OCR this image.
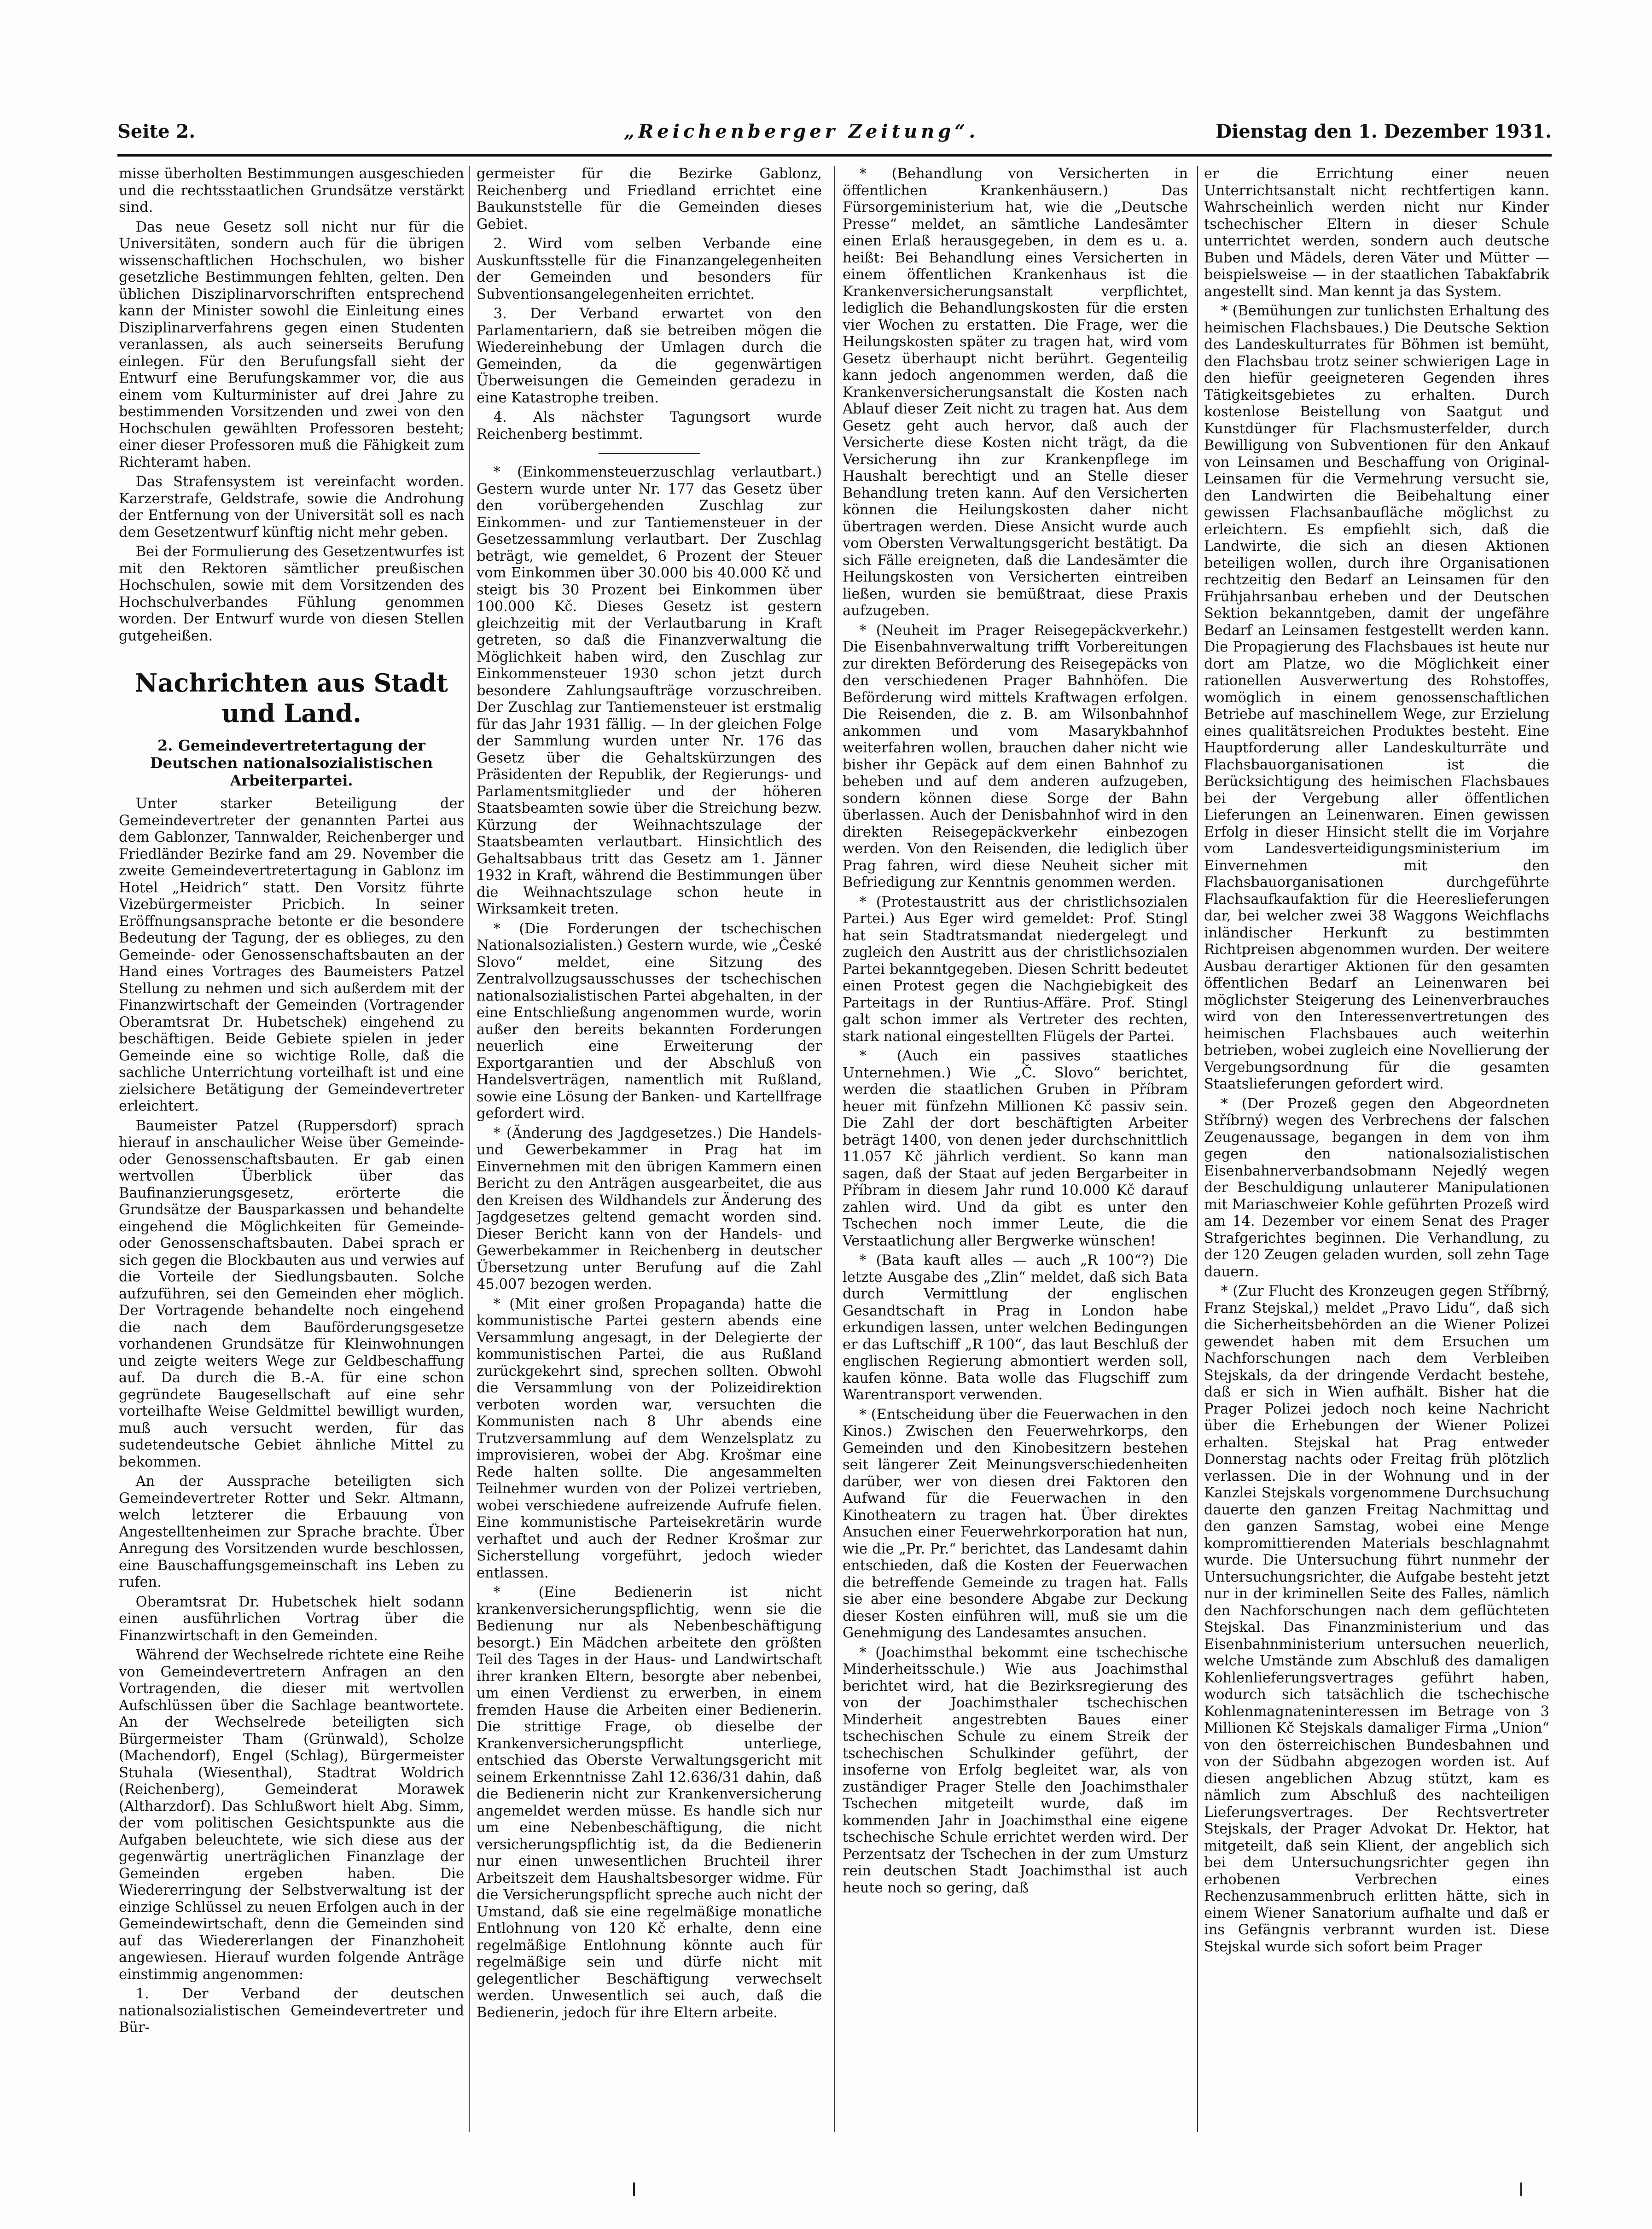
Seite 2.	„Reichenberger Zeitung“.	Dienstag den 1. Dezember 1931.

misse überholten Bestimmungen ausgeschieden und die rechtsstaatlichen Grundsätze verstärkt sind.

Das neue Gesetz soll nicht nur für die Universitäten, sondern auch für die übrigen wissenschaftlichen Hochschulen, wo bisher gesetzliche Bestimmungen fehlten, gelten. Den üblichen Disziplinarvorschriften entsprechend kann der Minister sowohl die Einleitung eines Disziplinarverfahrens gegen einen Studenten veranlassen, als auch seinerseits Berufung einlegen. Für den Berufungsfall sieht der Entwurf eine Berufungskammer vor, die aus einem vom Kulturminister auf drei Jahre zu bestimmenden Vorsitzenden und zwei von den Hochschulen gewählten Professoren besteht; einer dieser Professoren muß die Fähigkeit zum Richteramt haben.

Das Strafensystem ist vereinfacht worden. Karzerstrafe, Geldstrafe, sowie die Androhung der Entfernung von der Universität soll es nach dem Gesetzentwurf künftig nicht mehr geben.

Bei der Formulierung des Gesetzentwurfes ist mit den Rektoren sämtlicher preußischen Hochschulen, sowie mit dem Vorsitzenden des Hochschulverbandes Fühlung genommen worden. Der Entwurf wurde von diesen Stellen gutgeheißen.

Nachrichten aus Stadt und Land.
2. Gemeindevertretertagung der Deutschen nationalsozialistischen Arbeiterpartei.

Unter starker Beteiligung der Gemeindevertreter der genannten Partei aus dem Gablonzer, Tannwalder, Reichenberger und Friedländer Bezirke fand am 29. November die zweite Gemeindevertretertagung in Gablonz im Hotel „Heidrich“ statt. Den Vorsitz führte Vizebürgermeister Pricbich. In seiner Eröffnungsansprache betonte er die besondere Bedeutung der Tagung, der es oblieges, zu den Gemeinde- oder Genossenschaftsbauten an der Hand eines Vortrages des Baumeisters Patzel Stellung zu nehmen und sich außerdem mit der Finanzwirtschaft der Gemeinden (Vortragender Oberamtsrat Dr. Hubetschek) eingehend zu beschäftigen. Beide Gebiete spielen in jeder Gemeinde eine so wichtige Rolle, daß die sachliche Unterrichtung vorteilhaft ist und eine zielsichere Betätigung der Gemeindevertreter erleichtert.

Baumeister Patzel (Ruppersdorf) sprach hierauf in anschaulicher Weise über Gemeinde- oder Genossenschaftsbauten. Er gab einen wertvollen Überblick über das Baufinanzierungsgesetz, erörterte die Grundsätze der Bausparkassen und behandelte eingehend die Möglichkeiten für Gemeinde- oder Genossenschaftsbauten. Dabei sprach er sich gegen die Blockbauten aus und verwies auf die Vorteile der Siedlungsbauten. Solche aufzuführen, sei den Gemeinden eher möglich. Der Vortragende behandelte noch eingehend die nach dem Bauförderungsgesetze vorhandenen Grundsätze für Kleinwohnungen und zeigte weiters Wege zur Geldbeschaffung auf. Da durch die B.-A. für eine schon gegründete Baugesellschaft auf eine sehr vorteilhafte Weise Geldmittel bewilligt wurden, muß auch versucht werden, für das sudetendeutsche Gebiet ähnliche Mittel zu bekommen.

An der Aussprache beteiligten sich Gemeindevertreter Rotter und Sekr. Altmann, welch letzterer die Erbauung von Angestelltenheimen zur Sprache brachte. Über Anregung des Vorsitzenden wurde beschlossen, eine Bauschaffungsgemeinschaft ins Leben zu rufen.

Oberamtsrat Dr. Hubetschek hielt sodann einen ausführlichen Vortrag über die Finanzwirtschaft in den Gemeinden.

Während der Wechselrede richtete eine Reihe von Gemeindevertretern Anfragen an den Vortragenden, die dieser mit wertvollen Aufschlüssen über die Sachlage beantwortete. An der Wechselrede beteiligten sich Bürgermeister Tham (Grünwald), Scholze (Machendorf), Engel (Schlag), Bürgermeister Stuhala (Wiesenthal), Stadtrat Woldrich (Reichenberg), Gemeinderat Morawek (Altharzdorf). Das Schlußwort hielt Abg. Simm, der vom politischen Gesichtspunkte aus die Aufgaben beleuchtete, wie sich diese aus der gegenwärtig unerträglichen Finanzlage der Gemeinden ergeben haben. Die Wiedererringung der Selbstverwaltung ist der einzige Schlüssel zu neuen Erfolgen auch in der Gemeindewirtschaft, denn die Gemeinden sind auf das Wiedererlangen der Finanzhoheit angewiesen. Hierauf wurden folgende Anträge einstimmig angenommen:

1. Der Verband der deutschen nationalsozialistischen Gemeindevertreter und Bür-

germeister für die Bezirke Gablonz, Reichenberg und Friedland errichtet eine Baukunststelle für die Gemeinden dieses Gebiet.

2. Wird vom selben Verbande eine Auskunftsstelle für die Finanzangelegenheiten der Gemeinden und besonders für Subventionsangelegenheiten errichtet.

3. Der Verband erwartet von den Parlamentariern, daß sie betreiben mögen die Wiedereinhebung der Umlagen durch die Gemeinden, da die gegenwärtigen Überweisungen die Gemeinden geradezu in eine Katastrophe treiben.

4. Als nächster Tagungsort wurde Reichenberg bestimmt.

* (Einkommensteuerzuschlag verlautbart.) Gestern wurde unter Nr. 177 das Gesetz über den vorübergehenden Zuschlag zur Einkommen- und zur Tantiemensteuer in der Gesetzessammlung verlautbart. Der Zuschlag beträgt, wie gemeldet, 6 Prozent der Steuer vom Einkommen über 30.000 bis 40.000 Kč und steigt bis 30 Prozent bei Einkommen über 100.000 Kč. Dieses Gesetz ist gestern gleichzeitig mit der Verlautbarung in Kraft getreten, so daß die Finanzverwaltung die Möglichkeit haben wird, den Zuschlag zur Einkommensteuer 1930 schon jetzt durch besondere Zahlungsaufträge vorzuschreiben. Der Zuschlag zur Tantiemensteuer ist erstmalig für das Jahr 1931 fällig. — In der gleichen Folge der Sammlung wurden unter Nr. 176 das Gesetz über die Gehaltskürzungen des Präsidenten der Republik, der Regierungs- und Parlamentsmitglieder und der höheren Staatsbeamten sowie über die Streichung bezw. Kürzung der Weihnachtszulage der Staatsbeamten verlautbart. Hinsichtlich des Gehaltsabbaus tritt das Gesetz am 1. Jänner 1932 in Kraft, während die Bestimmungen über die Weihnachtszulage schon heute in Wirksamkeit treten.

* (Die Forderungen der tschechischen Nationalsozialisten.) Gestern wurde, wie „České Slovo“ meldet, eine Sitzung des Zentralvollzugsausschusses der tschechischen nationalsozialistischen Partei abgehalten, in der eine Entschließung angenommen wurde, worin außer den bereits bekannten Forderungen neuerlich eine Erweiterung der Exportgarantien und der Abschluß von Handelsverträgen, namentlich mit Rußland, sowie eine Lösung der Banken- und Kartellfrage gefordert wird.

* (Änderung des Jagdgesetzes.) Die Handels- und Gewerbekammer in Prag hat im Einvernehmen mit den übrigen Kammern einen Bericht zu den Anträgen ausgearbeitet, die aus den Kreisen des Wildhandels zur Änderung des Jagdgesetzes geltend gemacht worden sind. Dieser Bericht kann von der Handels- und Gewerbekammer in Reichenberg in deutscher Übersetzung unter Berufung auf die Zahl 45.007 bezogen werden.

* (Mit einer großen Propaganda) hatte die kommunistische Partei gestern abends eine Versammlung angesagt, in der Delegierte der kommunistischen Partei, die aus Rußland zurückgekehrt sind, sprechen sollten. Obwohl die Versammlung von der Polizeidirektion verboten worden war, versuchten die Kommunisten nach 8 Uhr abends eine Trutzversammlung auf dem Wenzelsplatz zu improvisieren, wobei der Abg. Krošmar eine Rede halten sollte. Die angesammelten Teilnehmer wurden von der Polizei vertrieben, wobei verschiedene aufreizende Aufrufe fielen. Eine kommunistische Parteisekretärin wurde verhaftet und auch der Redner Krošmar zur Sicherstellung vorgeführt, jedoch wieder entlassen.

* (Eine Bedienerin ist nicht krankenversicherungspflichtig, wenn sie die Bedienung nur als Nebenbeschäftigung besorgt.) Ein Mädchen arbeitete den größten Teil des Tages in der Haus- und Landwirtschaft ihrer kranken Eltern, besorgte aber nebenbei, um einen Verdienst zu erwerben, in einem fremden Hause die Arbeiten einer Bedienerin. Die strittige Frage, ob dieselbe der Krankenversicherungspflicht unterliege, entschied das Oberste Verwaltungsgericht mit seinem Erkenntnisse Zahl 12.636/31 dahin, daß die Bedienerin nicht zur Krankenversicherung angemeldet werden müsse. Es handle sich nur um eine Nebenbeschäftigung, die nicht versicherungspflichtig ist, da die Bedienerin nur einen unwesentlichen Bruchteil ihrer Arbeitszeit dem Haushaltsbesorger widme. Für die Versicherungspflicht spreche auch nicht der Umstand, daß sie eine regelmäßige monatliche Entlohnung von 120 Kč erhalte, denn eine regelmäßige Entlohnung könnte auch für regelmäßige sein und dürfe nicht mit gelegentlicher Beschäftigung verwechselt werden. Unwesentlich sei auch, daß die Bedienerin, jedoch für ihre Eltern arbeite.

* (Behandlung von Versicherten in öffentlichen Krankenhäusern.) Das Fürsorgeministerium hat, wie die „Deutsche Presse“ meldet, an sämtliche Landesämter einen Erlaß herausgegeben, in dem es u. a. heißt: Bei Behandlung eines Versicherten in einem öffentlichen Krankenhaus ist die Krankenversicherungsanstalt verpflichtet, lediglich die Behandlungskosten für die ersten vier Wochen zu erstatten. Die Frage, wer die Heilungskosten später zu tragen hat, wird vom Gesetz überhaupt nicht berührt. Gegenteilig kann jedoch angenommen werden, daß die Krankenversicherungsanstalt die Kosten nach Ablauf dieser Zeit nicht zu tragen hat. Aus dem Gesetz geht auch hervor, daß auch der Versicherte diese Kosten nicht trägt, da die Versicherung ihn zur Krankenpflege im Haushalt berechtigt und an Stelle dieser Behandlung treten kann. Auf den Versicherten können die Heilungskosten daher nicht übertragen werden. Diese Ansicht wurde auch vom Obersten Verwaltungsgericht bestätigt. Da sich Fälle ereigneten, daß die Landesämter die Heilungskosten von Versicherten eintreiben ließen, wurden sie bemüßtraat, diese Praxis aufzugeben.

* (Neuheit im Prager Reisegepäckverkehr.) Die Eisenbahnverwaltung trifft Vorbereitungen zur direkten Beförderung des Reisegepäcks von den verschiedenen Prager Bahnhöfen. Die Beförderung wird mittels Kraftwagen erfolgen. Die Reisenden, die z. B. am Wilsonbahnhof ankommen und vom Masarykbahnhof weiterfahren wollen, brauchen daher nicht wie bisher ihr Gepäck auf dem einen Bahnhof zu beheben und auf dem anderen aufzugeben, sondern können diese Sorge der Bahn überlassen. Auch der Denisbahnhof wird in den direkten Reisegepäckverkehr einbezogen werden. Von den Reisenden, die lediglich über Prag fahren, wird diese Neuheit sicher mit Befriedigung zur Kenntnis genommen werden.

* (Protestaustritt aus der christlichsozialen Partei.) Aus Eger wird gemeldet: Prof. Stingl hat sein Stadtratsmandat niedergelegt und zugleich den Austritt aus der christlichsozialen Partei bekanntgegeben. Diesen Schritt bedeutet einen Protest gegen die Nachgiebigkeit des Parteitags in der Runtius-Affäre. Prof. Stingl galt schon immer als Vertreter des rechten, stark national eingestellten Flügels der Partei.

* (Auch ein passives staatliches Unternehmen.) Wie „Č. Slovo“ berichtet, werden die staatlichen Gruben in Příbram heuer mit fünfzehn Millionen Kč passiv sein. Die Zahl der dort beschäftigten Arbeiter beträgt 1400, von denen jeder durchschnittlich 11.057 Kč jährlich verdient. So kann man sagen, daß der Staat auf jeden Bergarbeiter in Příbram in diesem Jahr rund 10.000 Kč darauf zahlen wird. Und da gibt es unter den Tschechen noch immer Leute, die die Verstaatlichung aller Bergwerke wünschen!

* (Bata kauft alles — auch „R 100“?) Die letzte Ausgabe des „Zlin“ meldet, daß sich Bata durch Vermittlung der englischen Gesandtschaft in Prag in London habe erkundigen lassen, unter welchen Bedingungen er das Luftschiff „R 100“, das laut Beschluß der englischen Regierung abmontiert werden soll, kaufen könne. Bata wolle das Flugschiff zum Warentransport verwenden.

* (Entscheidung über die Feuerwachen in den Kinos.) Zwischen den Feuerwehrkorps, den Gemeinden und den Kinobesitzern bestehen seit längerer Zeit Meinungsverschiedenheiten darüber, wer von diesen drei Faktoren den Aufwand für die Feuerwachen in den Kinotheatern zu tragen hat. Über direktes Ansuchen einer Feuerwehrkorporation hat nun, wie die „Pr. Pr.“ berichtet, das Landesamt dahin entschieden, daß die Kosten der Feuerwachen die betreffende Gemeinde zu tragen hat. Falls sie aber eine besondere Abgabe zur Deckung dieser Kosten einführen will, muß sie um die Genehmigung des Landesamtes ansuchen.

* (Joachimsthal bekommt eine tschechische Minderheitsschule.) Wie aus Joachimsthal berichtet wird, hat die Bezirksregierung des von der Joachimsthaler tschechischen Minderheit angestrebten Baues einer tschechischen Schule zu einem Streik der tschechischen Schulkinder geführt, der insoferne von Erfolg begleitet war, als von zuständiger Prager Stelle den Joachimsthaler Tschechen mitgeteilt wurde, daß im kommenden Jahr in Joachimsthal eine eigene tschechische Schule errichtet werden wird. Der Perzentsatz der Tschechen in der zum Umsturz rein deutschen Stadt Joachimsthal ist auch heute noch so gering, daß

er die Errichtung einer neuen Unterrichtsanstalt nicht rechtfertigen kann. Wahrscheinlich werden nicht nur Kinder tschechischer Eltern in dieser Schule unterrichtet werden, sondern auch deutsche Buben und Mädels, deren Väter und Mütter — beispielsweise — in der staatlichen Tabakfabrik angestellt sind. Man kennt ja das System.

* (Bemühungen zur tunlichsten Erhaltung des heimischen Flachsbaues.) Die Deutsche Sektion des Landeskulturrates für Böhmen ist bemüht, den Flachsbau trotz seiner schwierigen Lage in den hiefür geeigneteren Gegenden ihres Tätigkeitsgebietes zu erhalten. Durch kostenlose Beistellung von Saatgut und Kunstdünger für Flachsmusterfelder, durch Bewilligung von Subventionen für den Ankauf von Leinsamen und Beschaffung von Original-Leinsamen für die Vermehrung versucht sie, den Landwirten die Beibehaltung einer gewissen Flachsanbaufläche möglichst zu erleichtern. Es empfiehlt sich, daß die Landwirte, die sich an diesen Aktionen beteiligen wollen, durch ihre Organisationen rechtzeitig den Bedarf an Leinsamen für den Frühjahrsanbau erheben und der Deutschen Sektion bekanntgeben, damit der ungefähre Bedarf an Leinsamen festgestellt werden kann. Die Propagierung des Flachsbaues ist heute nur dort am Platze, wo die Möglichkeit einer rationellen Ausverwertung des Rohstoffes, womöglich in einem genossenschaftlichen Betriebe auf maschinellem Wege, zur Erzielung eines qualitätsreichen Produktes besteht. Eine Hauptforderung aller Landeskulturräte und Flachsbauorganisationen ist die Berücksichtigung des heimischen Flachsbaues bei der Vergebung aller öffentlichen Lieferungen an Leinenwaren. Einen gewissen Erfolg in dieser Hinsicht stellt die im Vorjahre vom Landesverteidigungsministerium im Einvernehmen mit den Flachsbauorganisationen durchgeführte Flachsaufkaufaktion für die Heereslieferungen dar, bei welcher zwei 38 Waggons Weichflachs inländischer Herkunft zu bestimmten Richtpreisen abgenommen wurden. Der weitere Ausbau derartiger Aktionen für den gesamten öffentlichen Bedarf an Leinenwaren bei möglichster Steigerung des Leinenverbrauches wird von den Interessenvertretungen des heimischen Flachsbaues auch weiterhin betrieben, wobei zugleich eine Novellierung der Vergebungsordnung für die gesamten Staatslieferungen gefordert wird.

* (Der Prozeß gegen den Abgeordneten Stříbrný) wegen des Verbrechens der falschen Zeugenaussage, begangen in dem von ihm gegen den nationalsozialistischen Eisenbahnerverbandsobmann Nejedlý wegen der Beschuldigung unlauterer Manipulationen mit Mariaschweier Kohle geführten Prozeß wird am 14. Dezember vor einem Senat des Prager Strafgerichtes beginnen. Die Verhandlung, zu der 120 Zeugen geladen wurden, soll zehn Tage dauern.

* (Zur Flucht des Kronzeugen gegen Stříbrný, Franz Stejskal,) meldet „Pravo Lidu“, daß sich die Sicherheitsbehörden an die Wiener Polizei gewendet haben mit dem Ersuchen um Nachforschungen nach dem Verbleiben Stejskals, da der dringende Verdacht bestehe, daß er sich in Wien aufhält. Bisher hat die Prager Polizei jedoch noch keine Nachricht über die Erhebungen der Wiener Polizei erhalten. Stejskal hat Prag entweder Donnerstag nachts oder Freitag früh plötzlich verlassen. Die in der Wohnung und in der Kanzlei Stejskals vorgenommene Durchsuchung dauerte den ganzen Freitag Nachmittag und den ganzen Samstag, wobei eine Menge kompromittierenden Materials beschlagnahmt wurde. Die Untersuchung führt nunmehr der Untersuchungsrichter, die Aufgabe besteht jetzt nur in der kriminellen Seite des Falles, nämlich den Nachforschungen nach dem geflüchteten Stejskal. Das Finanzministerium und das Eisenbahnministerium untersuchen neuerlich, welche Umstände zum Abschluß des damaligen Kohlenlieferungsvertrages geführt haben, wodurch sich tatsächlich die tschechische Kohlenmagnateninteressen im Betrage von 3 Millionen Kč Stejskals damaliger Firma „Union“ von den österreichischen Bundesbahnen und von der Südbahn abgezogen worden ist. Auf diesen angeblichen Abzug stützt, kam es nämlich zum Abschluß des nachteiligen Lieferungsvertrages. Der Rechtsvertreter Stejskals, der Prager Advokat Dr. Hektor, hat mitgeteilt, daß sein Klient, der angeblich sich bei dem Untersuchungsrichter gegen ihn erhobenen Verbrechen eines Rechenzusammenbruch erlitten hätte, sich in einem Wiener Sanatorium aufhalte und daß er ins Gefängnis verbrannt wurden ist. Diese Stejskal wurde sich sofort beim Prager
